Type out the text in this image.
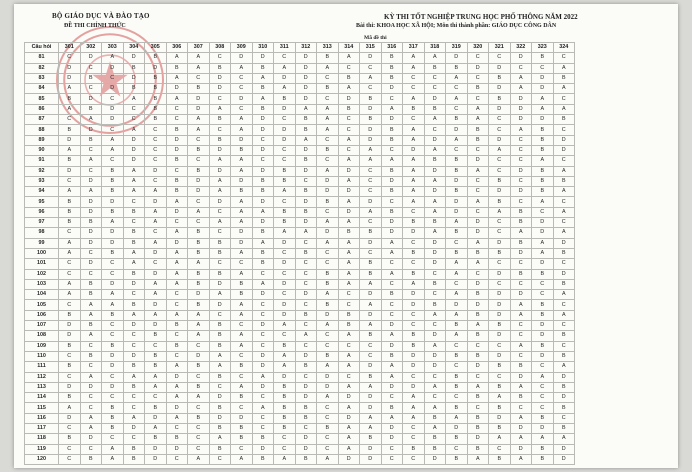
BỘ GIÁO DỤC VÀ ĐÀO TẠO
ĐỀ THI CHÍNH THỨC
KỲ THI TỐT NGHIỆP TRUNG HỌC PHỔ THÔNG NĂM 2022
Bài thi: KHOA HỌC XÃ HỘI; Môn thi thành phần: GIÁO DỤC CÔNG DÂN
Mã đề thi
Câu hỏi	301	302	303	304	305	306	307	308	309	310	311	312	313	314	315	316	317	318	319	320	321	322	323	324
81	C	D	A	D	B	A	A	C	D	D	C	D	B	A	D	B	A	A	D	C	C	D	B	C
82	D	C	D	B	D	B	A	B	A	B	A	D	A	C	C	B	A	B	B	D	D	C	C	A
83	D	B	C	D	B	A	C	D	C	A	D	D	C	B	A	B	C	C	A	C	B	A	D	B
84	A	C	D	B	B	D	B	D	C	B	A	D	B	A	C	D	C	C	C	B	D	A	D	A
85	B	D	C	A	B	A	D	C	D	A	B	D	C	D	B	C	A	D	A	C	B	D	A	C
86	A	B	D	C	B	C	D	A	C	B	D	A	A	B	D	A	B	B	C	A	D	D	A	A
87	C	A	D	C	B	C	A	B	A	D	C	B	A	C	B	D	C	A	B	A	C	D	D	B
88	B	D	C	A	C	B	A	C	A	D	D	B	A	C	D	B	A	C	D	B	C	A	B	C
89	D	B	A	D	C	D	C	B	D	C	D	A	C	A	D	B	A	D	A	B	D	C	B	D
90	A	C	A	D	C	D	B	D	B	D	C	D	B	C	A	C	D	A	C	C	A	C	B	D
91	B	A	C	D	C	B	C	A	A	C	C	B	C	A	A	A	A	B	B	D	C	C	A	C
92	D	C	B	A	D	C	B	D	A	D	B	D	A	D	C	B	A	D	B	A	C	D	B	A
93	C	D	B	A	C	B	D	A	D	B	B	C	D	A	C	D	A	A	D	C	B	C	B	B
94	A	A	B	A	A	B	D	A	B	B	A	B	D	D	C	B	A	D	B	C	D	D	B	A
95	B	D	D	C	D	A	C	D	A	D	C	D	B	A	D	C	A	A	D	A	B	C	A	C
96	B	D	B	B	A	D	A	C	A	A	B	B	C	D	A	B	C	A	D	C	A	B	C	A
97	B	B	A	C	A	C	C	A	A	D	B	D	A	A	C	D	B	B	A	D	C	B	D	C
98	C	D	D	B	C	A	B	C	D	B	A	A	D	B	B	D	D	A	B	D	C	A	D	A
99	A	D	D	B	A	D	B	B	D	A	D	C	A	A	D	A	C	D	C	A	D	B	A	D
100	A	C	B	A	D	A	B	B	A	B	C	B	C	A	C	A	B	D	B	B	B	D	A	B
101	C	D	C	A	C	A	A	C	C	B	D	C	C	A	B	C	C	D	A	A	C	C	D	C
102	C	C	C	B	D	A	B	B	A	C	C	C	B	A	B	A	B	C	A	C	D	B	B	D
103	A	B	D	D	A	A	B	D	B	A	D	C	B	A	A	C	A	B	C	D	C	C	C	B
104	A	B	A	C	A	C	D	A	B	D	C	D	A	C	D	B	D	C	A	B	D	D	C	A
105	C	A	A	B	D	C	B	D	A	C	D	C	B	C	A	C	D	B	D	D	D	A	B	C
106	B	A	B	A	A	A	A	C	A	C	D	B	D	B	D	C	C	A	A	B	D	A	B	A
107	D	B	C	D	D	B	A	B	C	D	A	C	A	B	A	D	C	C	B	A	B	C	D	C
108	D	A	C	C	B	C	A	B	A	C	C	A	C	A	B	A	B	D	A	B	D	C	D	B
109	B	C	B	C	C	B	C	B	A	C	B	C	C	C	C	D	B	A	C	C	C	A	B	C
110	C	B	D	D	B	C	D	A	C	D	A	D	B	A	C	B	D	D	B	B	D	C	D	B
111	B	C	D	B	B	A	B	A	B	D	A	B	A	A	D	A	D	D	C	D	B	B	C	A
112	C	A	C	A	A	D	C	B	C	A	D	C	D	C	B	A	C	C	B	C	C	D	A	D
113	D	D	D	B	A	A	B	C	A	D	B	D	D	A	A	D	D	A	B	A	B	A	C	B
114	B	C	C	C	C	A	A	D	B	C	B	D	A	D	D	C	A	C	C	B	A	B	C	D
115	A	C	B	C	B	D	C	B	C	A	B	B	C	A	D	B	A	A	B	C	B	C	C	B
116	D	A	B	A	D	A	B	D	D	C	B	B	C	D	A	A	A	B	A	B	D	A	B	C
117	C	A	B	D	A	C	C	B	B	C	B	C	B	A	A	D	C	A	D	B	B	D	D	B
118	B	D	C	C	B	B	C	A	B	B	C	D	C	A	B	D	C	B	B	D	A	A	A	A
119	C	C	A	B	D	D	C	B	C	D	C	D	C	A	D	C	B	B	C	B	C	D	B	D
120	C	B	A	B	D	C	A	C	A	B	A	B	A	D	D	C	C	D	B	A	B	A	B	D
